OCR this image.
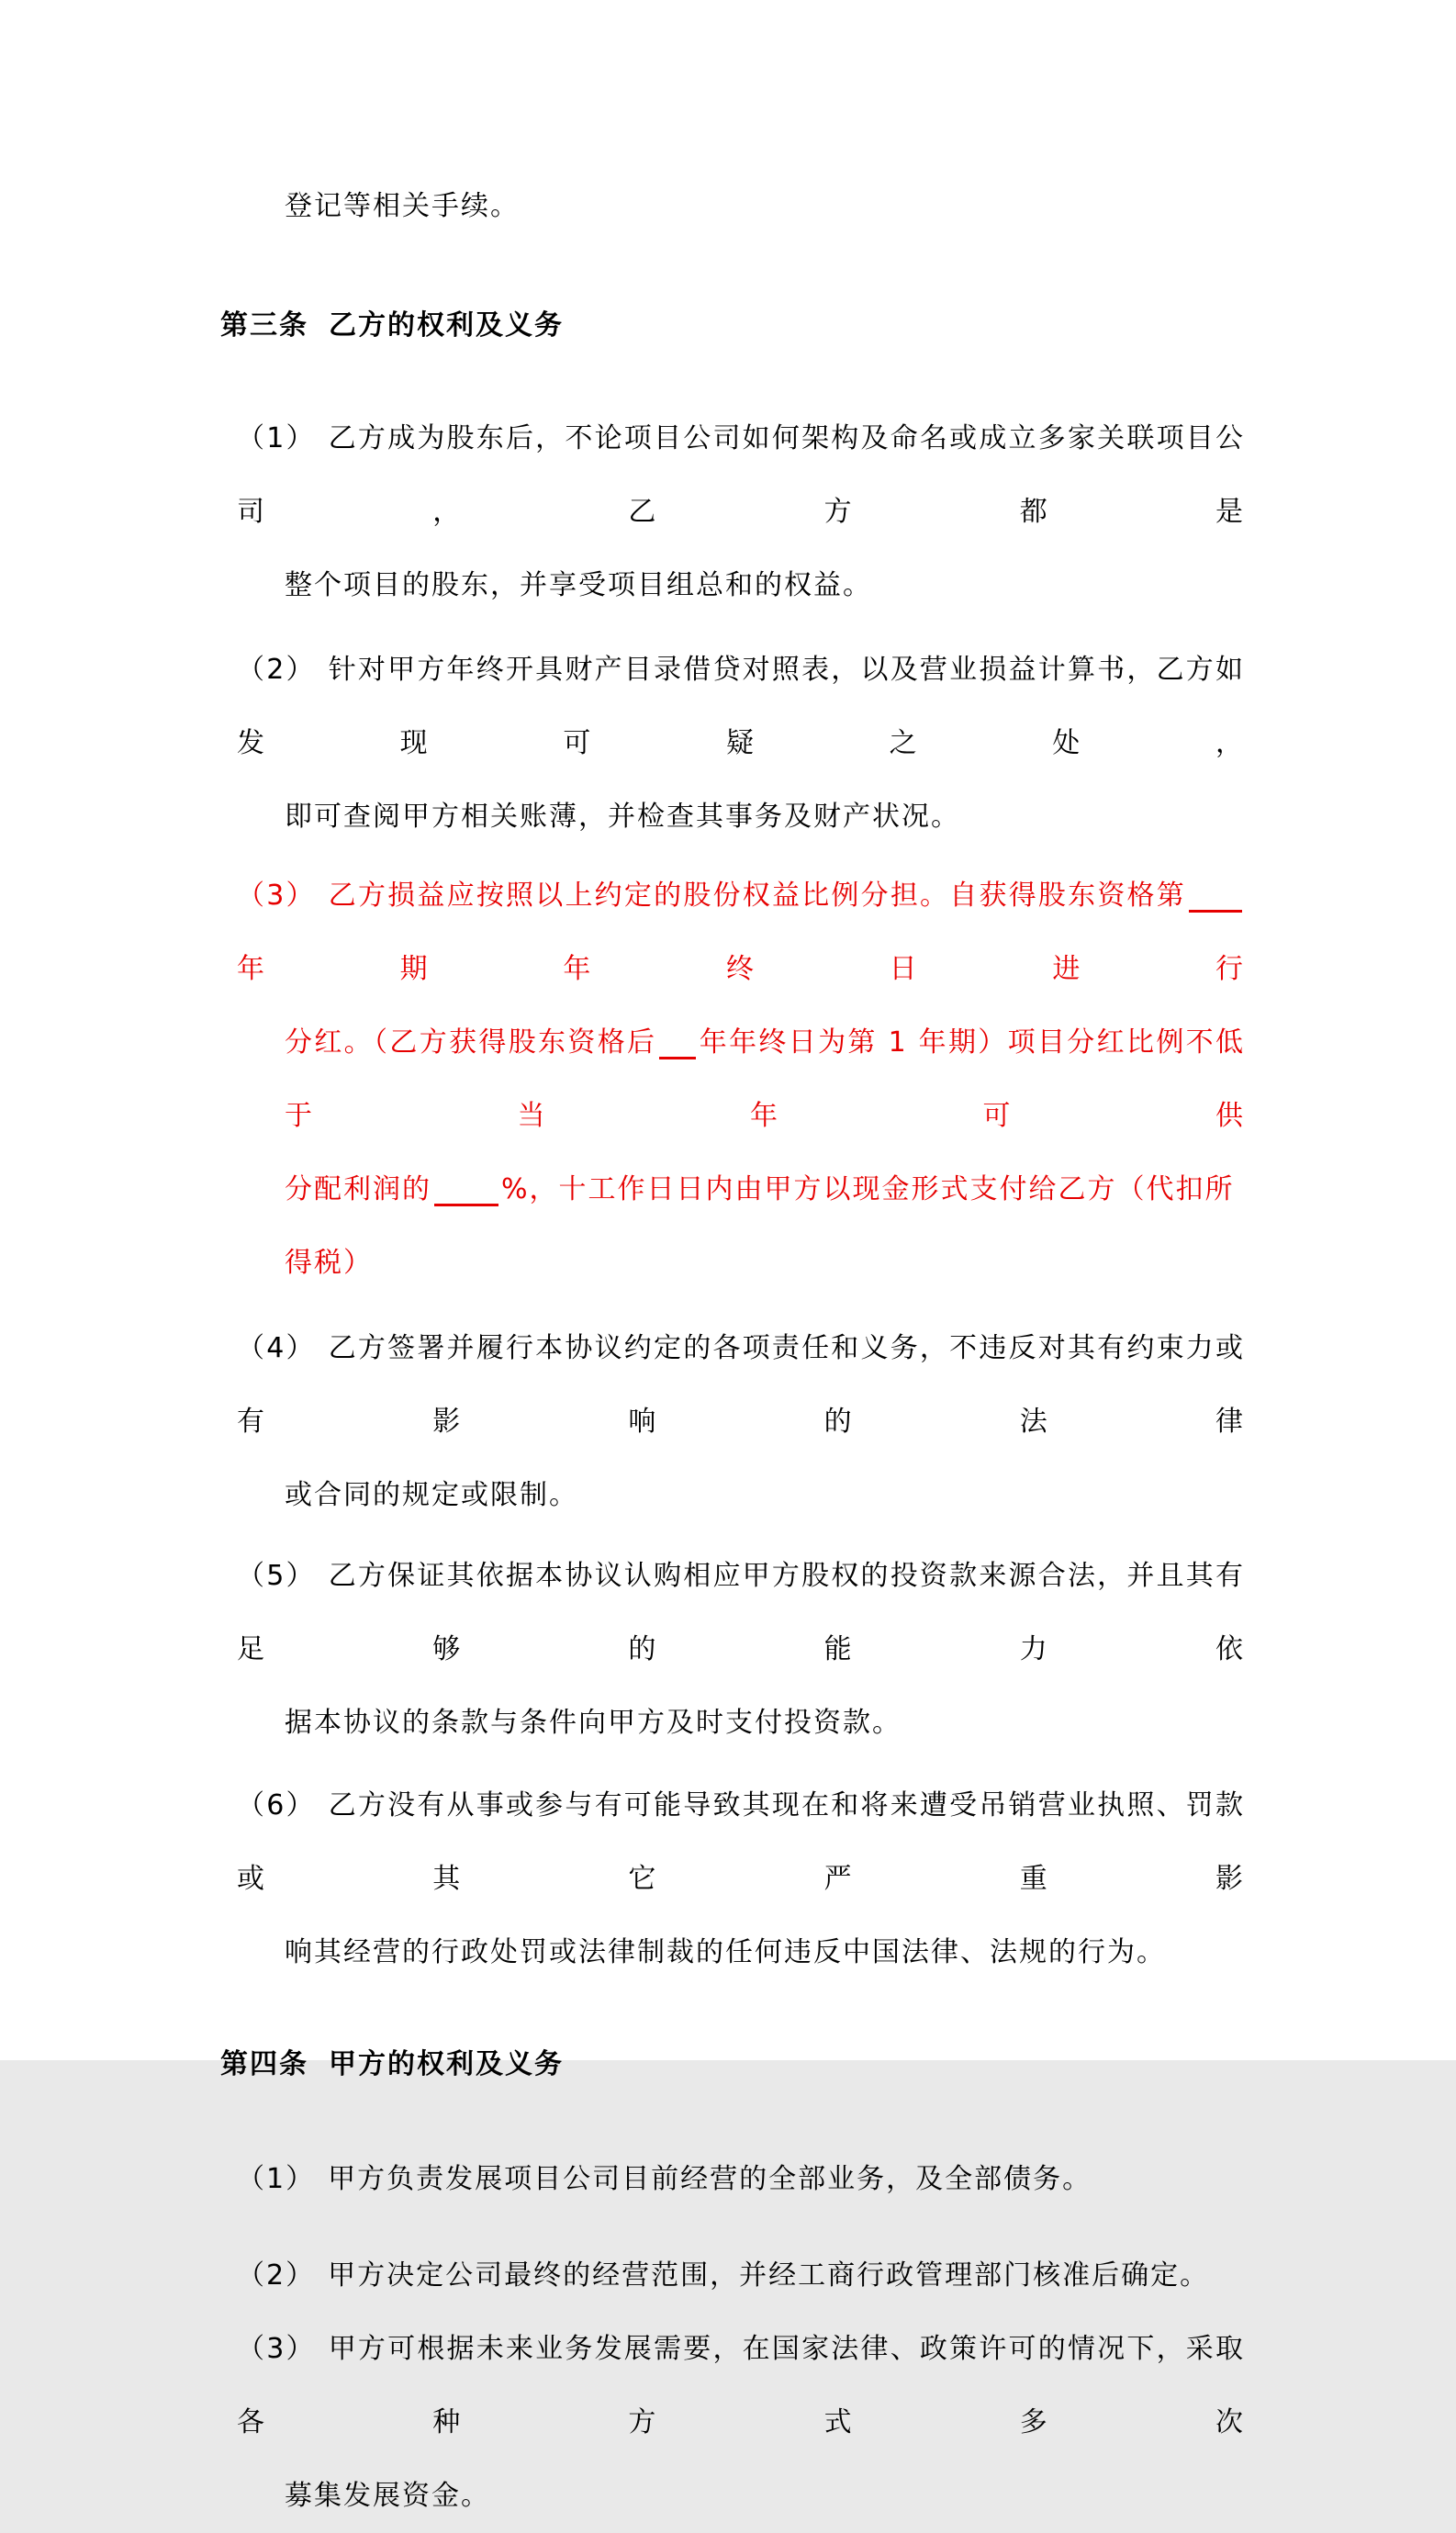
登记等相关手续。
第三条 乙方的权利及义务
（1） 乙方成为股东后，不论项目公司如何架构及命名或成立多家关联项目公司，乙方都是
整个项目的股东，并享受项目组总和的权益。
（2） 针对甲方年终开具财产目录借贷对照表，以及营业损益计算书，乙方如发现可疑之处，
即可查阅甲方相关账薄，并检查其事务及财产状况。
（3） 乙方损益应按照以上约定的股份权益比例分担。自获得股东资格第年期年终日进行
分红。（乙方获得股东资格后 年年终日为第 1 年期）项目分红比例不低于当年可供
分配利润的	%，十工作日日内由甲方以现金形式支付给乙方（代扣所得税）
（4） 乙方签署并履行本协议约定的各项责任和义务，不违反对其有约束力或有影响的法律
或合同的规定或限制。
（5） 乙方保证其依据本协议认购相应甲方股权的投资款来源合法，并且其有足够的能力依
据本协议的条款与条件向甲方及时支付投资款。
（6） 乙方没有从事或参与有可能导致其现在和将来遭受吊销营业执照、罚款或其它严重影
响其经营的行政处罚或法律制裁的任何违反中国法律、法规的行为。
第四条 甲方的权利及义务
（1） 甲方负责发展项目公司目前经营的全部业务，及全部债务。
（2） 甲方决定公司最终的经营范围，并经工商行政管理部门核准后确定。
（3） 甲方可根据未来业务发展需要，在国家法律、政策许可的情况下，采取各种方式多次
募集发展资金。
